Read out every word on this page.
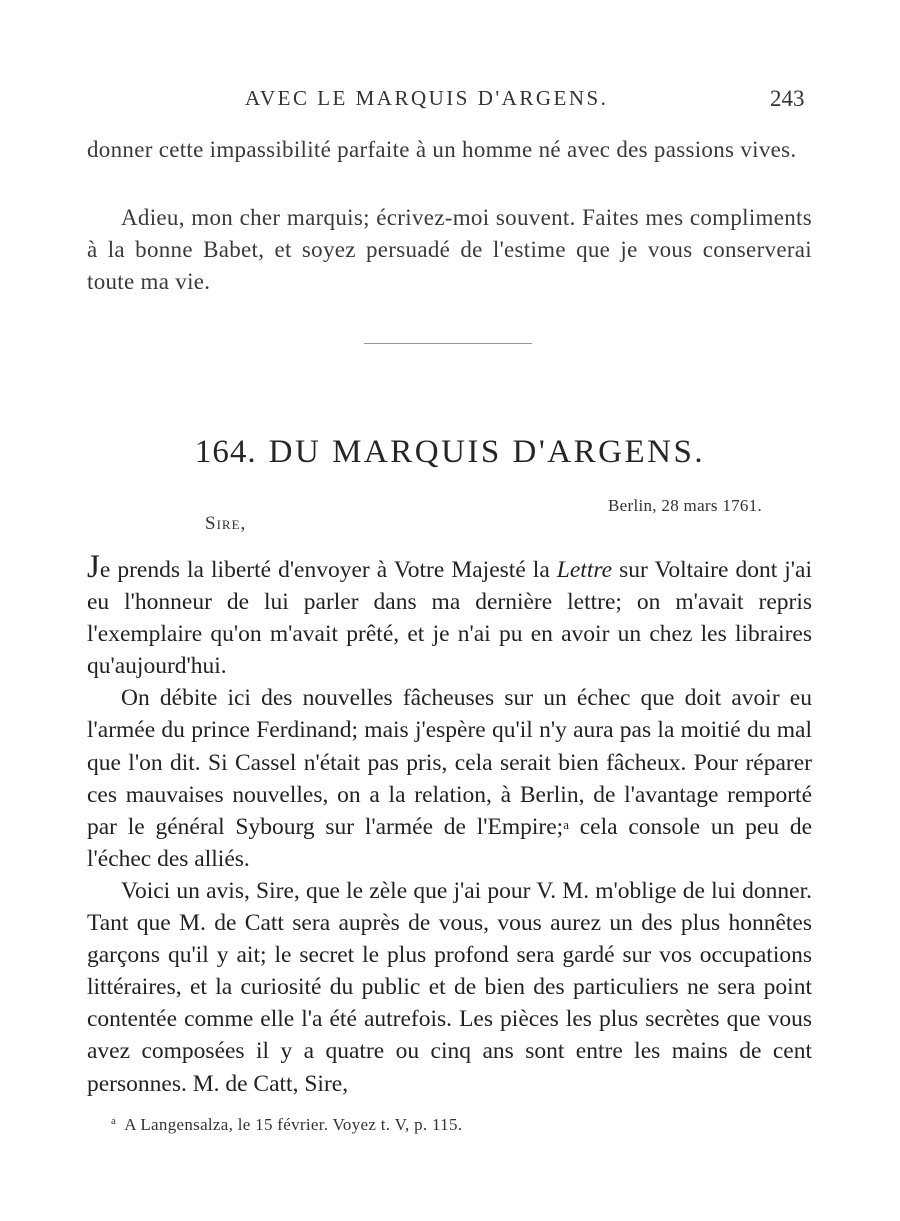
AVEC LE MARQUIS D'ARGENS.	243

donner cette impassibilité parfaite à un homme né avec des passions vives.

Adieu, mon cher marquis; écrivez-moi souvent. Faites mes compliments à la bonne Babet, et soyez persuadé de l'estime que je vous conserverai toute ma vie.

164. DU MARQUIS D'ARGENS.
Berlin, 28 mars 1761.
Sire,

Je prends la liberté d'envoyer à Votre Majesté la Lettre sur Voltaire dont j'ai eu l'honneur de lui parler dans ma dernière lettre; on m'avait repris l'exemplaire qu'on m'avait prêté, et je n'ai pu en avoir un chez les libraires qu'aujourd'hui.

On débite ici des nouvelles fâcheuses sur un échec que doit avoir eu l'armée du prince Ferdinand; mais j'espère qu'il n'y aura pas la moitié du mal que l'on dit. Si Cassel n'était pas pris, cela serait bien fâcheux. Pour réparer ces mauvaises nouvelles, on a la relation, à Berlin, de l'avantage remporté par le général Sybourg sur l'armée de l'Empire;$^a$ cela console un peu de l'échec des alliés.

Voici un avis, Sire, que le zèle que j'ai pour V. M. m'oblige de lui donner. Tant que M. de Catt sera auprès de vous, vous aurez un des plus honnêtes garçons qu'il y ait; le secret le plus profond sera gardé sur vos occupations littéraires, et la curiosité du public et de bien des particuliers ne sera point contentée comme elle l'a été autrefois. Les pièces les plus secrètes que vous avez composées il y a quatre ou cinq ans sont entre les mains de cent personnes. M. de Catt, Sire,

$^a$ A Langensalza, le 15 février. Voyez t. V, p. 115.
